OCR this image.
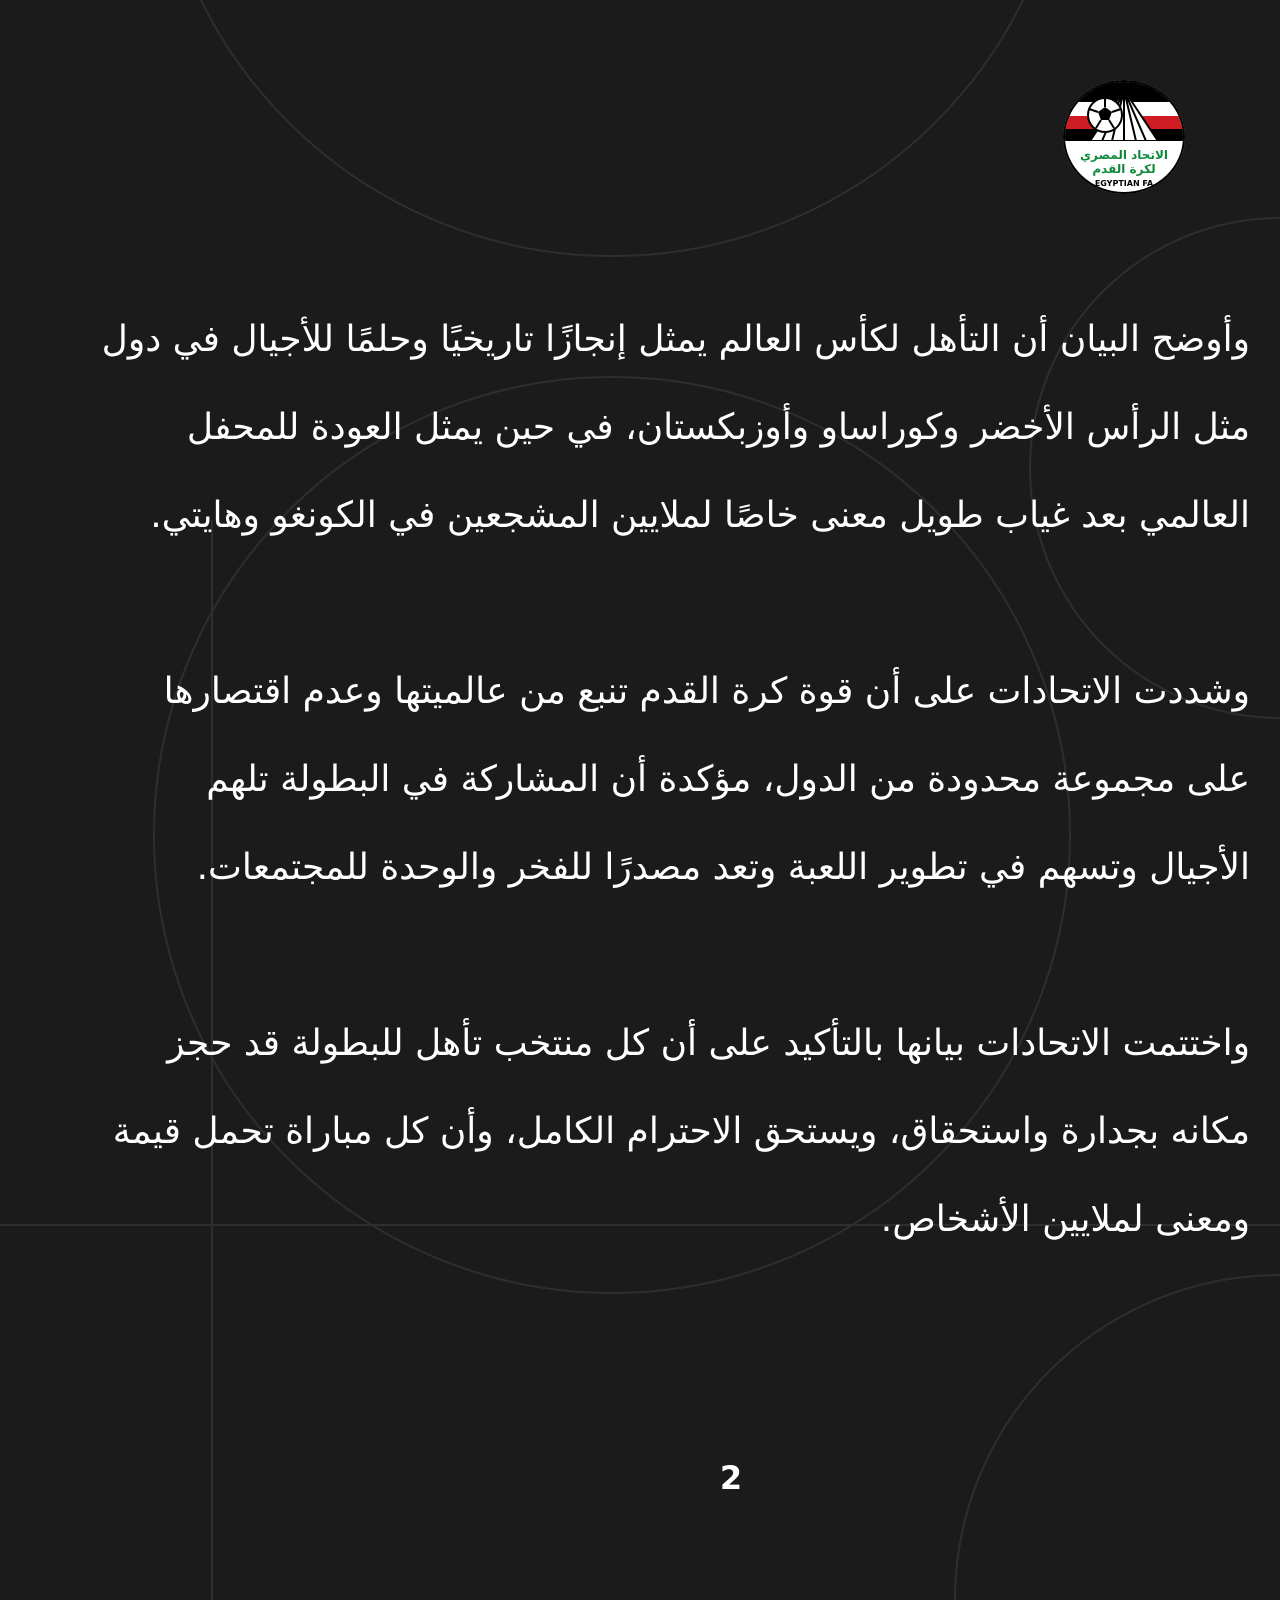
الاتحاد المصري
لكرة القدم
EGYPTIAN FA

وأوضح البيان أن التأهل لكأس العالم يمثل إنجازًا تاريخيًا وحلمًا للأجيال في دول
مثل الرأس الأخضر وكوراساو وأوزبكستان، في حين يمثل العودة للمحفل
العالمي بعد غياب طويل معنى خاصًا لملايين المشجعين في الكونغو وهايتي.

وشددت الاتحادات على أن قوة كرة القدم تنبع من عالميتها وعدم اقتصارها
على مجموعة محدودة من الدول، مؤكدة أن المشاركة في البطولة تلهم
الأجيال وتسهم في تطوير اللعبة وتعد مصدرًا للفخر والوحدة للمجتمعات.

واختتمت الاتحادات بيانها بالتأكيد على أن كل منتخب تأهل للبطولة قد حجز
مكانه بجدارة واستحقاق، ويستحق الاحترام الكامل، وأن كل مباراة تحمل قيمة
ومعنى لملايين الأشخاص.

2
